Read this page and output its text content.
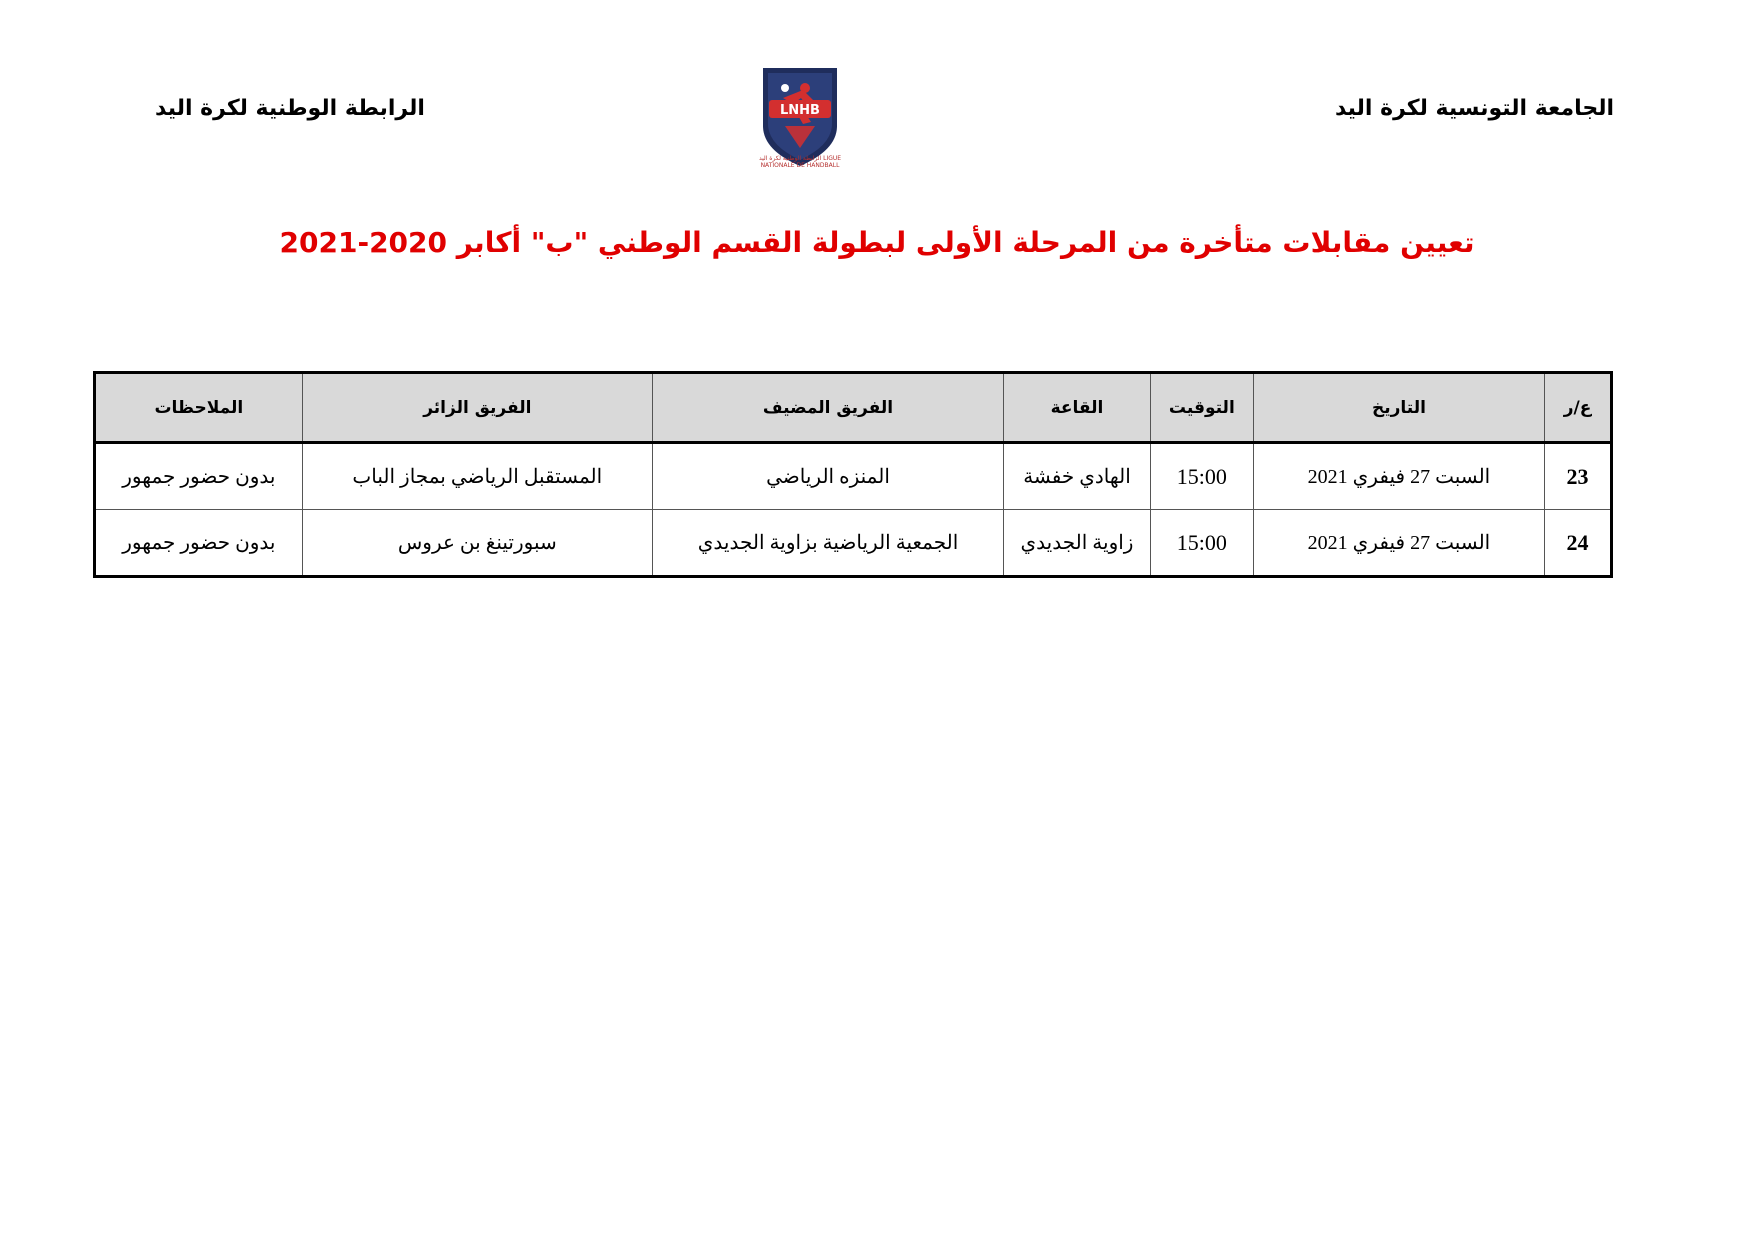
الجامعة التونسية لكرة اليد
الرابطة الوطنية لكرة اليد	LNHB
الرابطة الوطنية لكرة اليد LIGUE NATIONALE DE HANDBALL
تعيين مقابلات متأخرة من المرحلة الأولى لبطولة القسم الوطني "ب" أكابر 2020-2021
ع/ر	التاريخ	التوقيت	القاعة	الفريق المضيف	الفريق الزائر	الملاحظات
23	السبت 27 فيفري 2021	15:00	الهادي خفشة	المنزه الرياضي	المستقبل الرياضي بمجاز الباب	بدون حضور جمهور
24	السبت 27 فيفري 2021	15:00	زاوية الجديدي	الجمعية الرياضية بزاوية الجديدي	سبورتينغ بن عروس	بدون حضور جمهور
